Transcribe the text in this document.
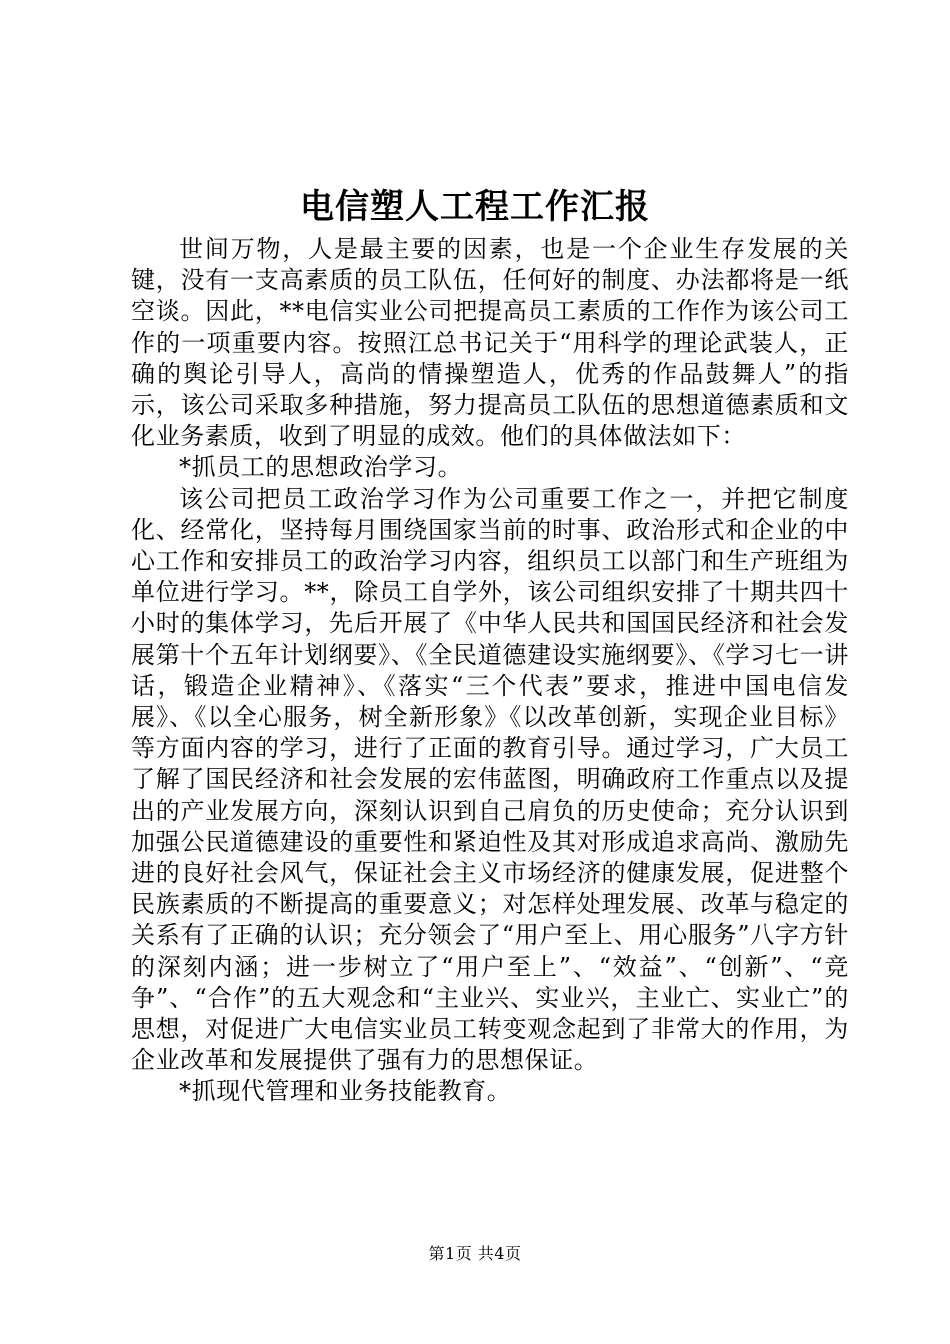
电信塑人工程工作汇报

世间万物，人是最主要的因素，也是一个企业生存发展的关键，没有一支高素质的员工队伍，任何好的制度、办法都将是一纸空谈。因此，**电信实业公司把提高员工素质的工作作为该公司工作的一项重要内容。按照江总书记关于“用科学的理论武装人，正确的舆论引导人，高尚的情操塑造人，优秀的作品鼓舞人”的指示，该公司采取多种措施，努力提高员工队伍的思想道德素质和文化业务素质，收到了明显的成效。他们的具体做法如下：

*抓员工的思想政治学习。

该公司把员工政治学习作为公司重要工作之一，并把它制度化、经常化，坚持每月围绕国家当前的时事、政治形式和企业的中心工作和安排员工的政治学习内容，组织员工以部门和生产班组为单位进行学习。**，除员工自学外，该公司组织安排了十期共四十小时的集体学习，先后开展了《中华人民共和国国民经济和社会发展第十个五年计划纲要》、《全民道德建设实施纲要》、《学习七一讲话，锻造企业精神》、《落实“三个代表”要求，推进中国电信发展》、《以全心服务，树全新形象》《以改革创新，实现企业目标》等方面内容的学习，进行了正面的教育引导。通过学习，广大员工了解了国民经济和社会发展的宏伟蓝图，明确政府工作重点以及提出的产业发展方向，深刻认识到自己肩负的历史使命；充分认识到加强公民道德建设的重要性和紧迫性及其对形成追求高尚、激励先进的良好社会风气，保证社会主义市场经济的健康发展，促进整个民族素质的不断提高的重要意义；对怎样处理发展、改革与稳定的关系有了正确的认识；充分领会了“用户至上、用心服务”八字方针的深刻内涵；进一步树立了“用户至上”、“效益”、“创新”、“竞争”、“合作”的五大观念和“主业兴、实业兴，主业亡、实业亡”的思想，对促进广大电信实业员工转变观念起到了非常大的作用，为企业改革和发展提供了强有力的思想保证。

*抓现代管理和业务技能教育。

第1页 共4页
